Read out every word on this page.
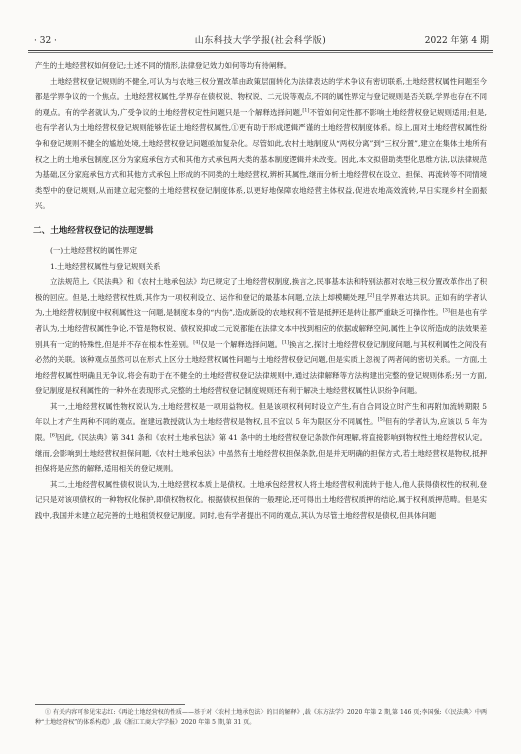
· 32 ·	山东科技大学学报(社会科学版)	2022 年第 4 期

产生的土地经营权如何登记;土述不同的情形,法律登记效力如何等均有待阐释。

土地经营权登记规则的不健全,可认为与农地三权分置改革由政策层面转化为法律表达的学术争议有密切联系,土地经营权属性问题至今都是学界争议的一个焦点。土地经营权属性,学界存在债权说、物权说、二元说等观点,不同的属性界定与登记规则是否关联,学界也存在不同的观点。有的学者就认为,广受争议的土地经营权定性问题只是一个解释选择问题,[1]不管如何定性都不影响土地经营权登记规则适用;但是,也有学者认为土地经营权登记规则能够佐证土地经营权属性,①更有助于形成逻辑严谨的土地经营权制度体系。综上,面对土地经营权属性纷争和登记规则不健全的尴尬处境,土地经营权登记问题亟加复杂化。尽管如此,农村土地制度从“两权分离”到“三权分置”,建立在集体土地所有权之上的土地承包制度,区分为家庭承包方式和其他方式承包两大类的基本制度逻辑并未改变。因此,本文拟借助类型化思维方法,以法律规范为基础,区分家庭承包方式和其他方式承包上形成的不同类的土地经营权,辨析其属性,继而分析土地经营权在设立、担保、再流转等不同情境类型中的登记规则,从而建立起完整的土地经营权登记制度体系,以更好地保障农地经营主体权益,促进农地高效流转,早日实现乡村全面振兴。

二、土地经营权登记的法理逻辑

(一)土地经营权的属性界定

1.土地经营权属性与登记规则关系

立法规范上,《民法典》和《农村土地承包法》均已规定了土地经营权制度,换言之,民事基本法和特别法都对农地三权分置改革作出了积极的回应。但是,土地经营权性质,其作为一项权利设立、运作和登记的最基本问题,立法上却模糊处理,[2]且学界难达共识。正如有的学者认为,土地经营权制度中权利属性这一问题,是制度本身的“内伤”,造成新设的农地权利不管是抵押还是转让都严重缺乏可操作性。[3]但是也有学者认为,土地经营权属性争论,不管是物权说、债权说抑或二元说都能在法律文本中找到相应的依据或解释空间,属性上争议所造成的法效果差别具有一定的特殊性,但是并不存在根本性差别。[4]仅是一个解释选择问题。[1]换言之,探讨土地经营权登记制度问题,与其权利属性之间没有必然的关联。该种观点虽然可以在形式上区分土地经营权属性问题与土地经营权登记问题,但是实质上忽视了两者间的密切关系。一方面,土地经营权属性明确且无争议,将会有助于在不健全的土地经营权登记法律规则中,通过法律解释等方法构建出完整的登记规则体系;另一方面,登记制度是权利属性的一种外在表现形式,完整的土地经营权登记制度规则还有利于解决土地经营权属性认识纷争问题。

其一,土地经营权属性物权说认为,土地经营权是一项用益物权。但是该项权利何时设立产生,有自合同设立时产生和再附加流转期限 5 年以上才产生两种不同的观点。崔建远教授就认为土地经营权是物权,且不宜以 5 年为限区分不同属性。[5]但有的学者认为,应该以 5 年为限。[6]因此,《民法典》第 341 条和《农村土地承包法》第 41 条中的土地经营权登记条款作何理解,将直接影响到物权性土地经营权认定。继而,会影响到土地经营权担保问题,《农村土地承包法》中虽然有土地经营权担保条款,但是并无明确的担保方式,若土地经营权是物权,抵押担保将是应然的解释,适用相关的登记规则。

其二,土地经营权属性债权说认为,土地经营权本质上是债权。土地承包经营权人将土地经营权利流转于他人,他人获得债权性的权利,登记只是对该项债权的一种物权化保护,即债权物权化。根据债权担保的一般理论,还可得出土地经营权质押的结论,属于权利质押范畴。但是实践中,我国并未建立起完善的土地租赁权登记制度。同时,也有学者提出不同的观点,其认为尽管土地经营权是债权,但具体问题

① 有关内容可参见宋志红:《再论土地经营权的性质——基于对〈农村土地承包法〉的目的解释》,载《东方法学》2020 年第 2 期,第 146 页;李国强:《〈民法典〉中两种“土地经营权”的体系构造》,载《浙江工商大学学报》2020 年第 5 期,第 31 页。
